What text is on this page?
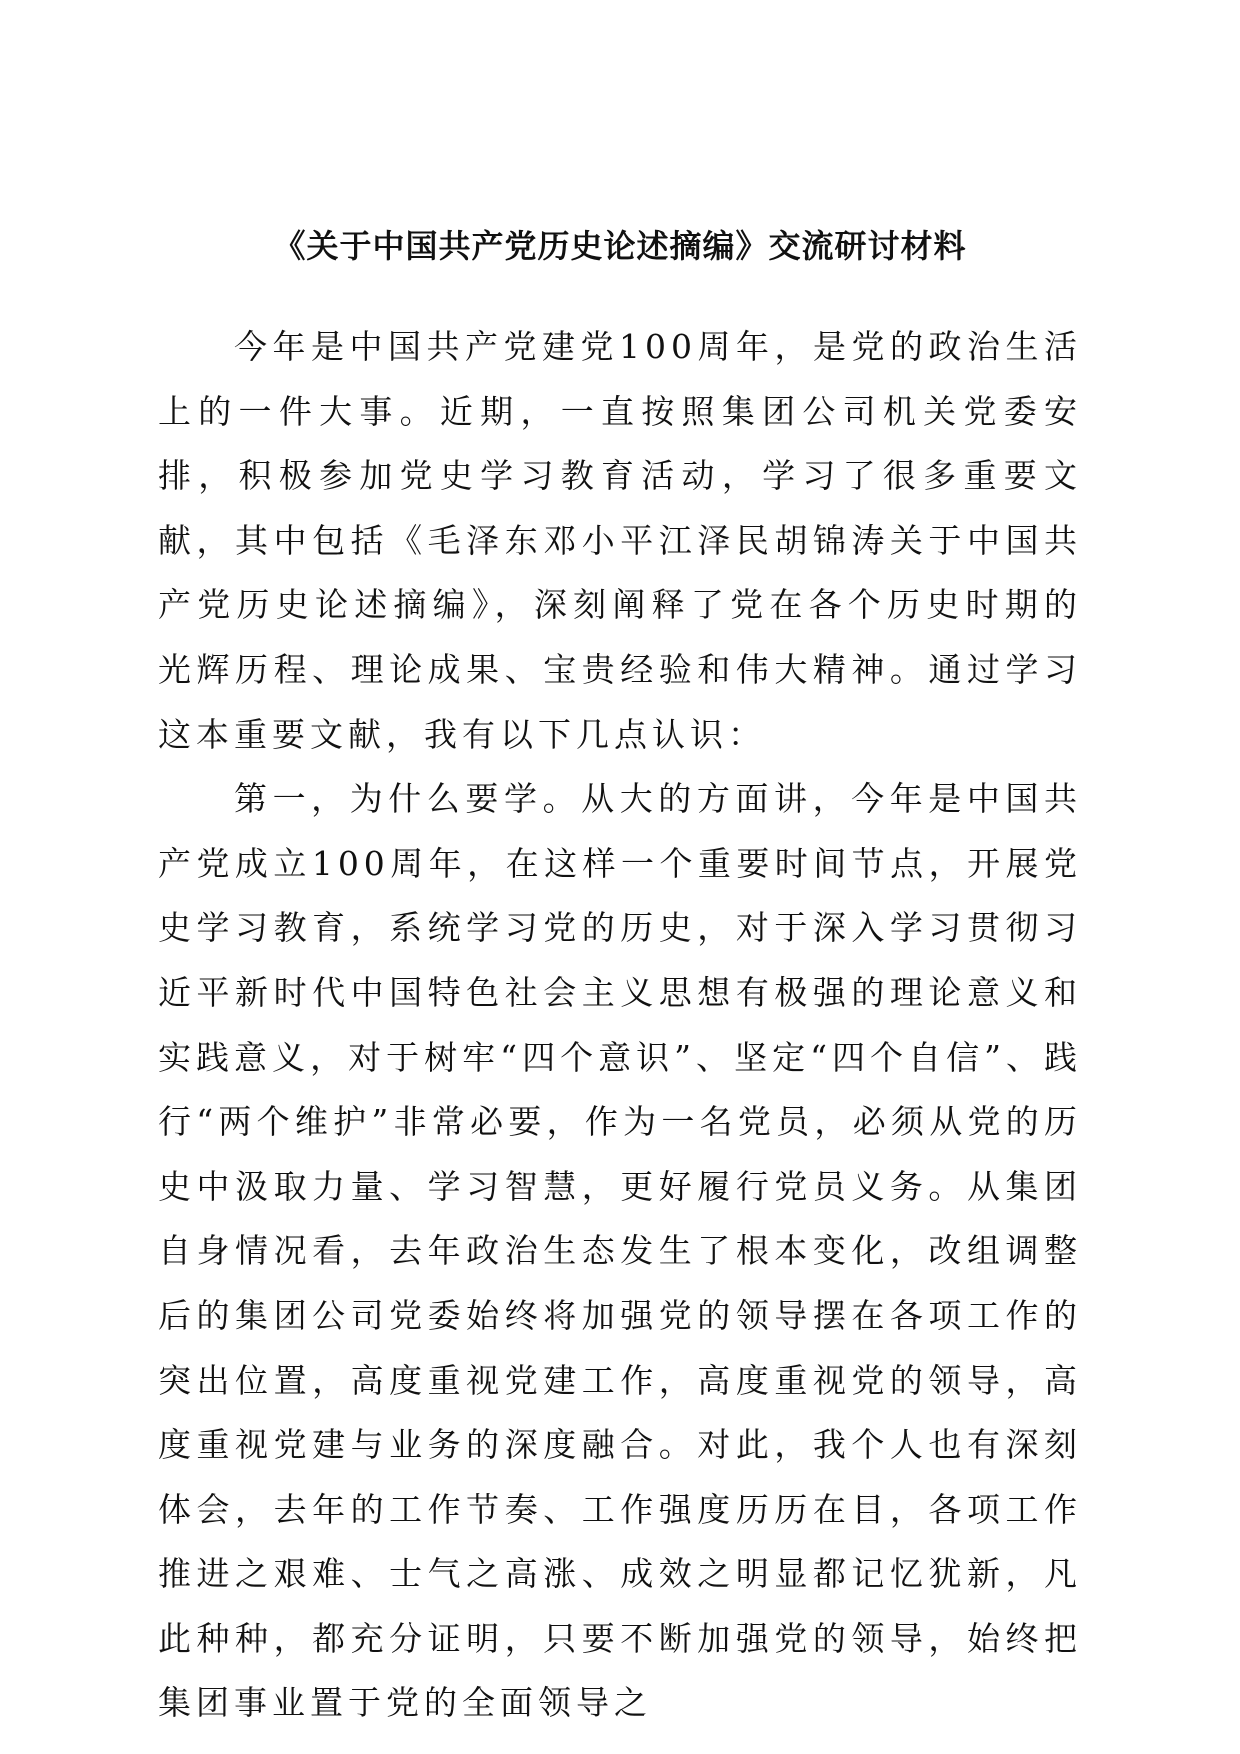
《关于中国共产党历史论述摘编》交流研讨材料

今年是中国共产党建党100周年，是党的政治生活上的一件大事。近期，一直按照集团公司机关党委安排，积极参加党史学习教育活动，学习了很多重要文献，其中包括《毛泽东邓小平江泽民胡锦涛关于中国共产党历史论述摘编》，深刻阐释了党在各个历史时期的光辉历程、理论成果、宝贵经验和伟大精神。通过学习这本重要文献，我有以下几点认识：

第一，为什么要学。从大的方面讲，今年是中国共产党成立100周年，在这样一个重要时间节点，开展党史学习教育，系统学习党的历史，对于深入学习贯彻习近平新时代中国特色社会主义思想有极强的理论意义和实践意义，对于树牢“四个意识”、坚定“四个自信”、践行“两个维护”非常必要，作为一名党员，必须从党的历史中汲取力量、学习智慧，更好履行党员义务。从集团自身情况看，去年政治生态发生了根本变化，改组调整后的集团公司党委始终将加强党的领导摆在各项工作的突出位置，高度重视党建工作，高度重视党的领导，高度重视党建与业务的深度融合。对此，我个人也有深刻体会，去年的工作节奏、工作强度历历在目，各项工作推进之艰难、士气之高涨、成效之明显都记忆犹新，凡此种种，都充分证明，只要不断加强党的领导，始终把集团事业置于党的全面领导之
